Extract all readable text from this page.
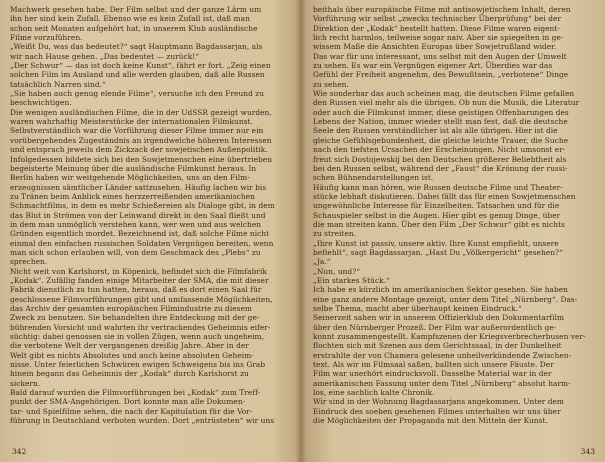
Machwerk gesehen habe. Der Film selbst und der ganze Lärm um
ihn her sind kein Zufall. Ebenso wie es kein Zufall ist, daß man
schon seit Monaten aufgehört hat, in unserem Klub ausländische
Filme vorzuführen.
„Weißt Du, was das bedeutet?“ sagt Hauptmann Bagdassarjan, als
wir nach Hause gehen. „Das bedeutet — zurück!“
„Der Schwur“ — das ist doch keine Kunst“, fährt er fort. „Zeig einen
solchen Film im Ausland und alle werden glauben, daß alle Russen
tatsächlich Narren sind.“
„Sie haben auch genug elende Filme“, versuche ich den Freund zu
beschwichtigen.
Die wenigen ausländischen Filme, die in der UdSSR gezeigt wurden,
waren wahrhaftig Meisterstücke der internationalen Filmkunst.
Selbstverständlich war die Vorführung dieser Filme immer nur ein
vorübergehendes Zugeständnis an irgendwelche höheren Interessen
und entsprach jeweils dem Zickzack der sowjetischen Außenpolitik.
Infolgedessen bildete sich bei den Sowjetmenschen eine übertrieben
begeisterte Meinung über die ausländische Filmkunst heraus. In
Berlin haben wir weitgehende Möglichkeiten, uns an den Film-
erzeugnissen sämtlicher Länder sattzusehen. Häufig lachen wir bis
zu Tränen beim Anblick eines herzzerreißenden amerikanischen
Schmachtfilms, in dem es mehr Schießereien als Dialoge gibt, in dem
das Blut in Strömen von der Leinwand direkt in den Saal fließt und
in dem man unmöglich verstehen kann, wer wen und aus welchen
Gründen eigentlich mordet. Bezeichnend ist, daß solche Filme nicht
einmal den einfachen russischen Soldaten Vergnügen bereiten, wenn
man sich schon erlauben will, von dem Geschmack des „Plebs“ zu
sprechen.
Nicht weit von Karlshorst, in Köpenick, befindet sich die Filmfabrik
„Kodak“. Zufällig fanden einige Mitarbeiter der SMA, die mit dieser
Fabrik dienstlich zu tun hatten, heraus, daß es dort einen Saal für
geschlossene Filmvorführungen gibt und umfassende Möglichkeiten,
das Archiv der gesamten europäischen Filmindustrie zu diesem
Zweck zu benutzen. Sie behandelten ihre Entdeckung mit der ge-
bührenden Vorsicht und wahrten ihr vertrackendes Geheimnis eifer-
süchtig: dabei genossen sie in vollen Zügen, wenn auch ungeheim,
die verbotene Welt der vergangenen dreißig Jahre. Aber in der
Welt gibt es nichts Absolutes und auch keine absoluten Geheim-
nisse. Unter feierlichen Schwüren ewigen Schweigens bis ins Grab
hinein begann das Geheimnis der „Kodak“ durch Karlshorst zu
sickern.
Bald darauf wurden die Filmvorführungen bei „Kodak“ zum Treff-
punkt der SMA-Angehörigen. Dort konnte man alle Dokumen-
tar- und Spielfilme sehen, die nach der Kapitulation für die Vor-
führung in Deutschland verboten wurden. Dort „entrüsteten“ wir uns
342
beithals über europäische Filme mit antisowjetischem Inhalt, deren
Vorführung wir selbst „zwecks technischer Überprüfung“ bei der
Direktion der „Kodak“ bestellt hatten. Diese Filme waren eigent-
lich recht harmlos, teilweise sogar naiv. Aber sie spiegelten in ge-
wissem Maße die Ansichten Europas über Sowjetrußland wider.
Das war für uns interessant, uns selbst mit den Augen der Umwelt
zu sehen. Es war ein Vergnügen eigener Art. Überdies war das
Gefühl der Freiheit angenehm, des Bewußtsein, „verbotene“ Dinge
zu sehen.
Wie sonderbar das auch scheinen mag, die deutschen Filme gefallen
den Russen viel mehr als die übrigen. Ob nun die Musik, die Literatur
oder auch die Filmkunst immer, diese geistigen Offenbarungen des
Lebens der Nation, immer wieder stellt man fest, daß die deutsche
Seele den Russen verständlicher ist als alle übrigen. Hier ist die
gleiche Gefühlsgebundenheit, die gleiche leichte Trauer, die Suche
nach den tiefsten Ursachen der Erscheinungen. Nicht umsonst er-
freut sich Dostojewskij bei den Deutschen größerer Beliebtheit als
bei den Russen selbst, während der „Faust“ die Krönung der russi-
schen Bühnendarstellungen ist.
Häufig kann man hören, wie Russen deutsche Filme und Theater-
stücke lebhaft diskutieren. Dabei fällt das für einen Sowjetmenschen
ungewöhnliche Interesse für Einzelheiten. Tatsachen und für die
Schauspieler selbst in die Augen. Hier gibt es genug Dinge, über
die man streiten kann. Über den Film „Der Schwur“ gibt es nichts
zu streiten.
„Ihre Kunst ist passiv, unsere aktiv. Ihre Kunst empfiehlt, unsere
befiehlt“, sagt Bagdassarjan. „Hast Du „Völkergericht“ gesehen?“
„Ja.“
„Nun, und?“
„Ein starkes Stück.“
Ich habe es kürzlich im amerikanischen Sektor gesehen. Sie haben
eine ganz andere Montage gezeigt, unter dem Titel „Nürnberg“. Das-
selbe Thema, macht aber überhaupt keinen Eindruck.“
Seinerzeit sahen wir in unserem Offizierklub den Dokumentarfilm
über den Nürnberger Prozeß. Der Film war außerordentlich ge-
konnt zusammengestellt. Kampfszenen der Kriegsverbrecherbusen ver-
flochten sich mit Szenen aus dem Gerichtssaal, in der Dunkelheit
erstrahlte der von Chamera gelesene unheilverkündende Zwischen-
text. Als wir im Filmsaal saßen, ballten sich unsere Fäuste. Der
Film war unerhört eindrucksvoll. Dasselbe Material war in der
amerikanischen Fassung unter dem Titel „Nürnberg“ absolut harm-
los, eine sachlich kalte Chronik.
Wir sind in der Wohnung Bagdassarjans angekommen. Unter dem
Eindruck des soeben gesehenen Filmes unterhalten wir uns über
die Möglichkeiten der Propaganda mit den Mitteln der Kunst.
343
